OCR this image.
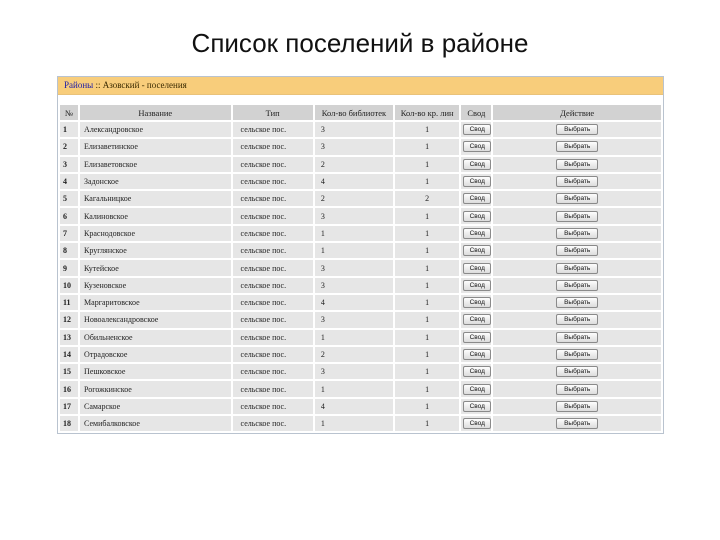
Список поселений в районе
Районы :: Азовский - поселения
№	Название	Тип	Кол-во библиотек	Кол-во кр. лин	Свод	Действие
1	Александровское	сельское пос.	3	1	Свод	Выбрать
2	Елизаветинское	сельское пос.	3	1	Свод	Выбрать
3	Елизаветовское	сельское пос.	2	1	Свод	Выбрать
4	Задонское	сельское пос.	4	1	Свод	Выбрать
5	Кагальницкое	сельское пос.	2	2	Свод	Выбрать
6	Калиновское	сельское пос.	3	1	Свод	Выбрать
7	Краснодовское	сельское пос.	1	1	Свод	Выбрать
8	Круглянское	сельское пос.	1	1	Свод	Выбрать
9	Кутейское	сельское пос.	3	1	Свод	Выбрать
10	Кузеновское	сельское пос.	3	1	Свод	Выбрать
11	Маргаритовское	сельское пос.	4	1	Свод	Выбрать
12	Новоалександровское	сельское пос.	3	1	Свод	Выбрать
13	Обильненское	сельское пос.	1	1	Свод	Выбрать
14	Отрадовское	сельское пос.	2	1	Свод	Выбрать
15	Пешковское	сельское пос.	3	1	Свод	Выбрать
16	Рогожкинское	сельское пос.	1	1	Свод	Выбрать
17	Самарское	сельское пос.	4	1	Свод	Выбрать
18	Семибалковское	сельское пос.	1	1	Свод	Выбрать
